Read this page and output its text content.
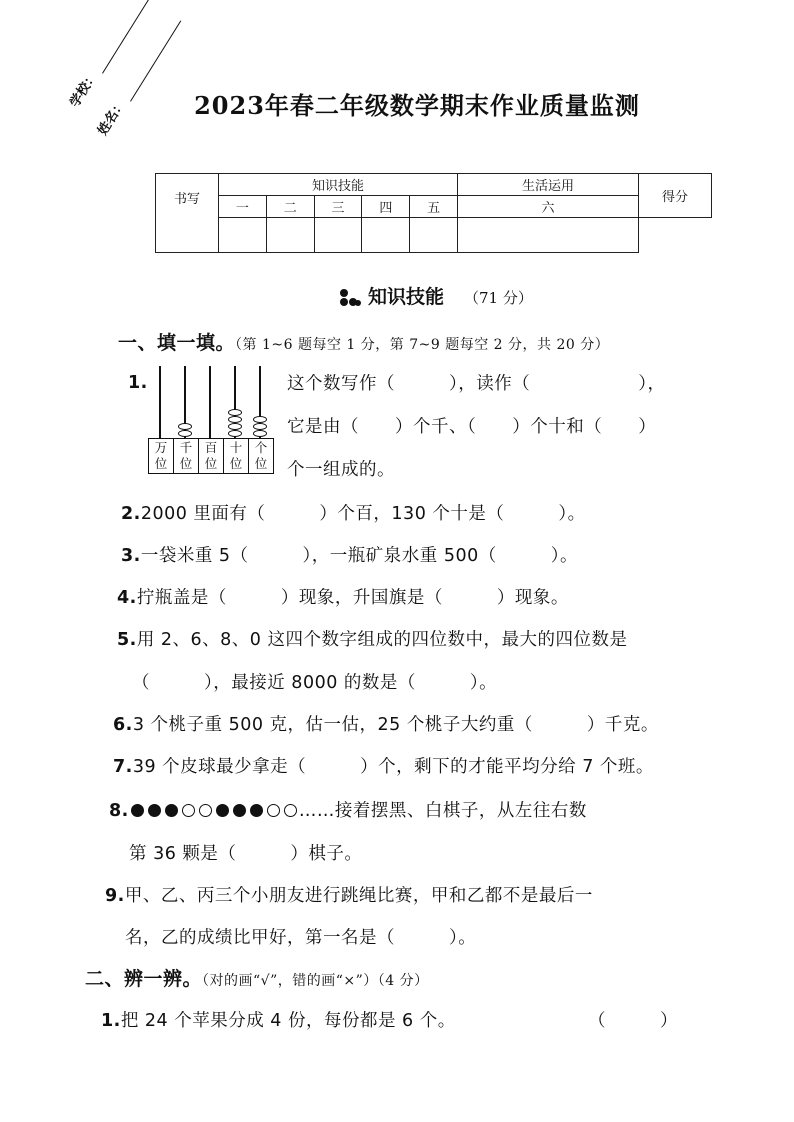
学校：
姓名：	2023年春二年级数学期末作业质量监测
书写	知识技能					生活运用	得分
	一	二	三	四	五	六	

知识技能 （71 分）
一、填一填。（第 1~6 题每空 1 分，第 7~9 题每空 2 分，共 20 分）
1.
万位
千位
百位
十位
个位
这个数写作（　　　），读作（　　　　　　），
它是由（　　）个千、（　　）个十和（　　）
个一组成的。
2.2000 里面有（　　　）个百，130 个十是（　　　）。
3.一袋米重 5（　　　），一瓶矿泉水重 500（　　　）。
4.拧瓶盖是（　　　）现象，升国旗是（　　　）现象。
5.用 2、6、8、0 这四个数字组成的四位数中，最大的四位数是
（　　　），最接近 8000 的数是（　　　）。
6.3 个桃子重 500 克，估一估，25 个桃子大约重（　　　）千克。
7.39 个皮球最少拿走（　　　）个，剩下的才能平均分给 7 个班。
8.	……接着摆黑、白棋子，从左往右数
第 36 颗是（　　　）棋子。
9.甲、乙、丙三个小朋友进行跳绳比赛，甲和乙都不是最后一
名，乙的成绩比甲好，第一名是（　　　）。
二、辨一辨。（对的画“√”，错的画“×”）（4 分）
1.把 24 个苹果分成 4 份，每份都是 6 个。	（　　　）
